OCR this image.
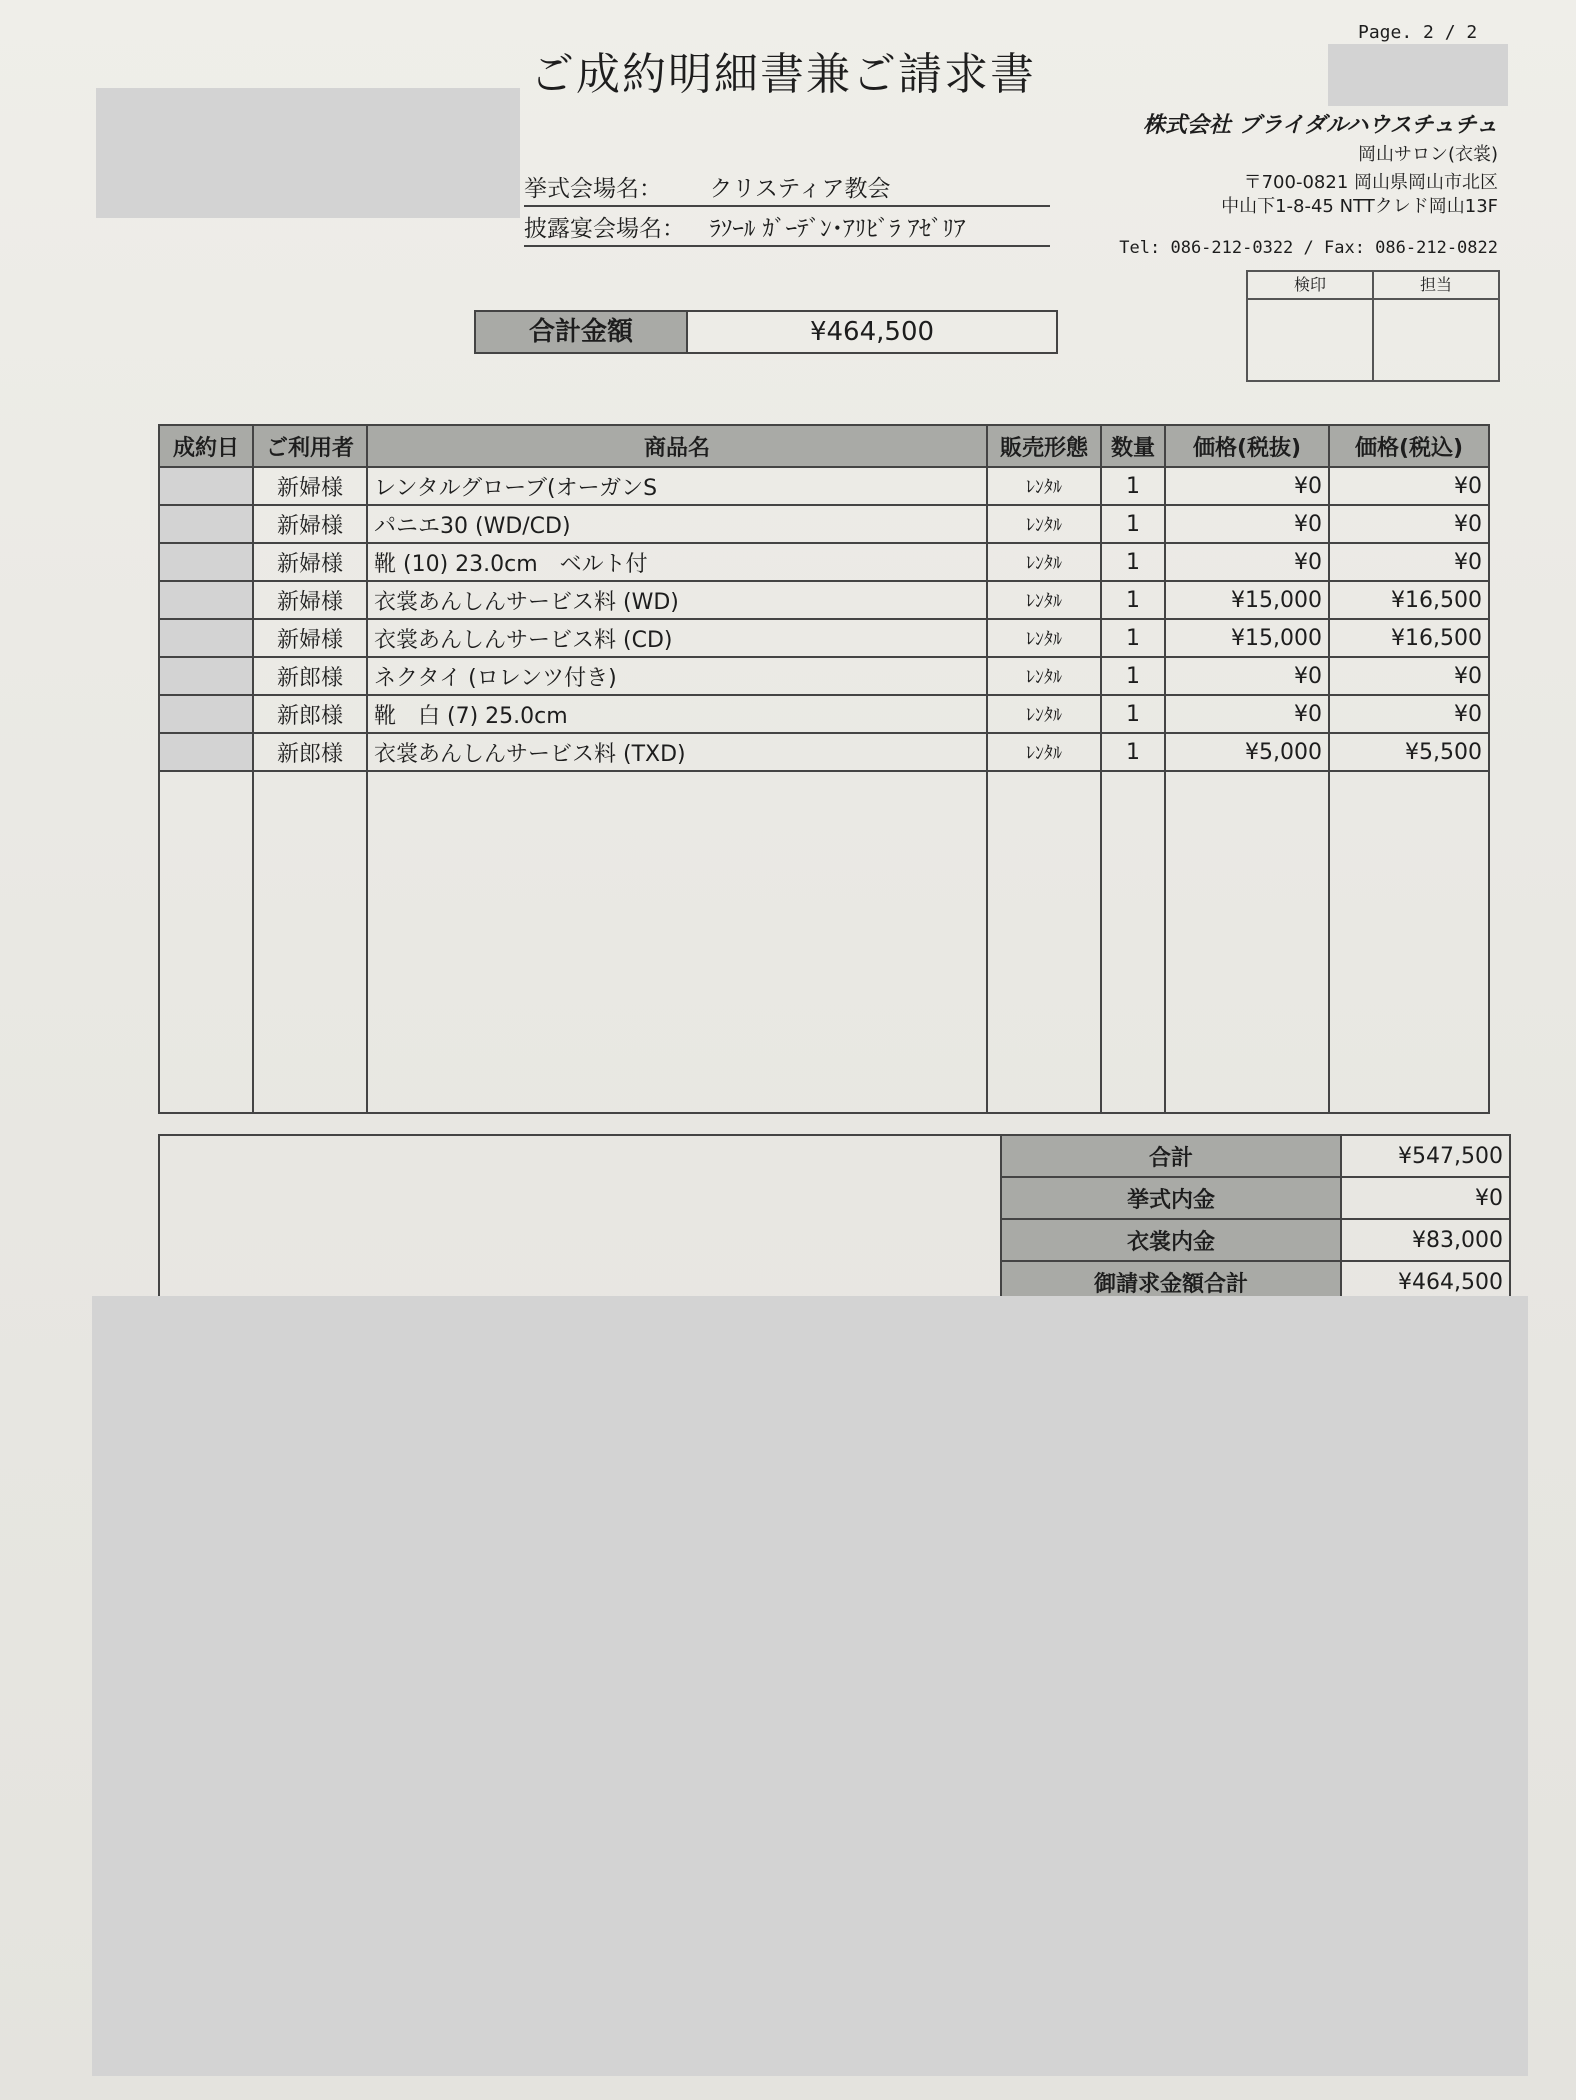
Page. 2 / 2
ご成約明細書兼ご請求書
挙式会場名： クリスティア教会
披露宴会場名： ﾗｿｰﾙ ｶﾞｰﾃﾞﾝ･ｱﾘﾋﾞﾗ ｱｾﾞﾘｱ
株式会社 ブライダルハウスチュチュ
岡山サロン(衣裳)
〒700-0821 岡山県岡山市北区
中山下1-8-45 NTTクレド岡山13F
Tel: 086-212-0322 / Fax: 086-212-0822
検印	担当
合計金額	¥464,500
成約日	ご利用者	商品名	販売形態	数量	価格(税抜)	価格(税込)
	新婦様	レンタルグローブ(オーガンS	ﾚﾝﾀﾙ	1	¥0	¥0
	新婦様	パニエ30 (WD/CD)	ﾚﾝﾀﾙ	1	¥0	¥0
	新婦様	靴 (10) 23.0cm　ベルト付	ﾚﾝﾀﾙ	1	¥0	¥0
	新婦様	衣裳あんしんサービス料 (WD)	ﾚﾝﾀﾙ	1	¥15,000	¥16,500
	新婦様	衣裳あんしんサービス料 (CD)	ﾚﾝﾀﾙ	1	¥15,000	¥16,500
	新郎様	ネクタイ (ロレンツ付き)	ﾚﾝﾀﾙ	1	¥0	¥0
	新郎様	靴　白 (7) 25.0cm	ﾚﾝﾀﾙ	1	¥0	¥0
	新郎様	衣裳あんしんサービス料 (TXD)	ﾚﾝﾀﾙ	1	¥5,000	¥5,500

合計	¥547,500
挙式内金	¥0
衣裳内金	¥83,000
御請求金額合計	¥464,500
